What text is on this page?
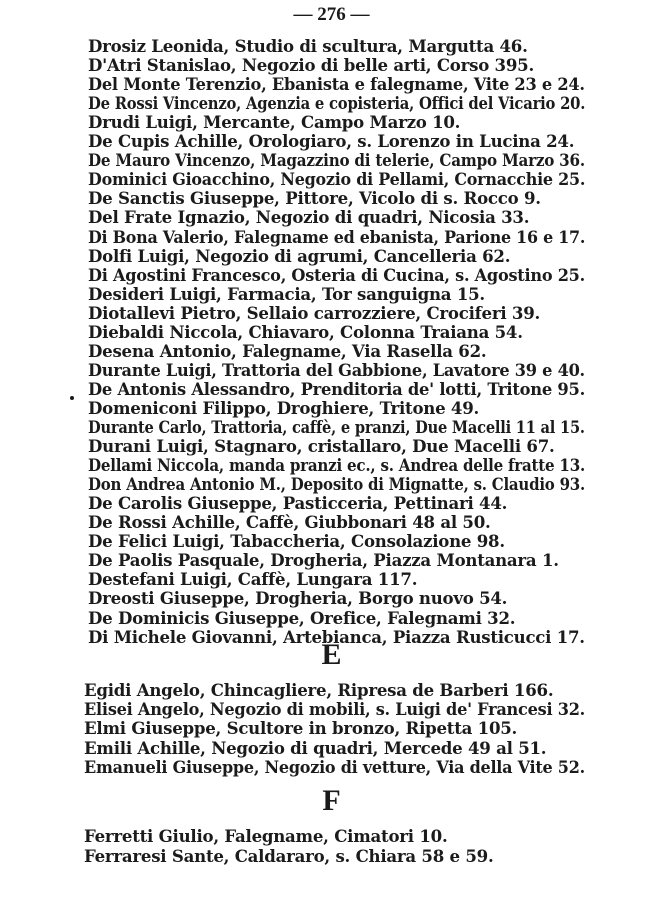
— 276 —
Drosiz Leonida, Studio di scultura, Margutta 46.
D'Atri Stanislao, Negozio di belle arti, Corso 395.
Del Monte Terenzio, Ebanista e falegname, Vite 23 e 24.
De Rossi Vincenzo, Agenzia e copisteria, Offici del Vicario 20.
Drudi Luigi, Mercante, Campo Marzo 10.
De Cupis Achille, Orologiaro, s. Lorenzo in Lucina 24.
De Mauro Vincenzo, Magazzino di telerie, Campo Marzo 36.
Dominici Gioacchino, Negozio di Pellami, Cornacchie 25.
De Sanctis Giuseppe, Pittore, Vicolo di s. Rocco 9.
Del Frate Ignazio, Negozio di quadri, Nicosia 33.
Di Bona Valerio, Falegname ed ebanista, Parione 16 e 17.
Dolfi Luigi, Negozio di agrumi, Cancelleria 62.
Di Agostini Francesco, Osteria di Cucina, s. Agostino 25.
Desideri Luigi, Farmacia, Tor sanguigna 15.
Diotallevi Pietro, Sellaio carrozziere, Crociferi 39.
Diebaldi Niccola, Chiavaro, Colonna Traiana 54.
Desena Antonio, Falegname, Via Rasella 62.
Durante Luigi, Trattoria del Gabbione, Lavatore 39 e 40.
De Antonis Alessandro, Prenditoria de' lotti, Tritone 95.
Domeniconi Filippo, Droghiere, Tritone 49.
Durante Carlo, Trattoria, caffè, e pranzi, Due Macelli 11 al 15.
Durani Luigi, Stagnaro, cristallaro, Due Macelli 67.
Dellami Niccola, manda pranzi ec., s. Andrea delle fratte 13.
Don Andrea Antonio M., Deposito di Mignatte, s. Claudio 93.
De Carolis Giuseppe, Pasticceria, Pettinari 44.
De Rossi Achille, Caffè, Giubbonari 48 al 50.
De Felici Luigi, Tabaccheria, Consolazione 98.
De Paolis Pasquale, Drogheria, Piazza Montanara 1.
Destefani Luigi, Caffè, Lungara 117.
Dreosti Giuseppe, Drogheria, Borgo nuovo 54.
De Dominicis Giuseppe, Orefice, Falegnami 32.
Di Michele Giovanni, Artebianca, Piazza Rusticucci 17.
E
Egidi Angelo, Chincagliere, Ripresa de Barberi 166.
Elisei Angelo, Negozio di mobili, s. Luigi de' Francesi 32.
Elmi Giuseppe, Scultore in bronzo, Ripetta 105.
Emili Achille, Negozio di quadri, Mercede 49 al 51.
Emanueli Giuseppe, Negozio di vetture, Via della Vite 52.
F
Ferretti Giulio, Falegname, Cimatori 10.
Ferraresi Sante, Caldararo, s. Chiara 58 e 59.
